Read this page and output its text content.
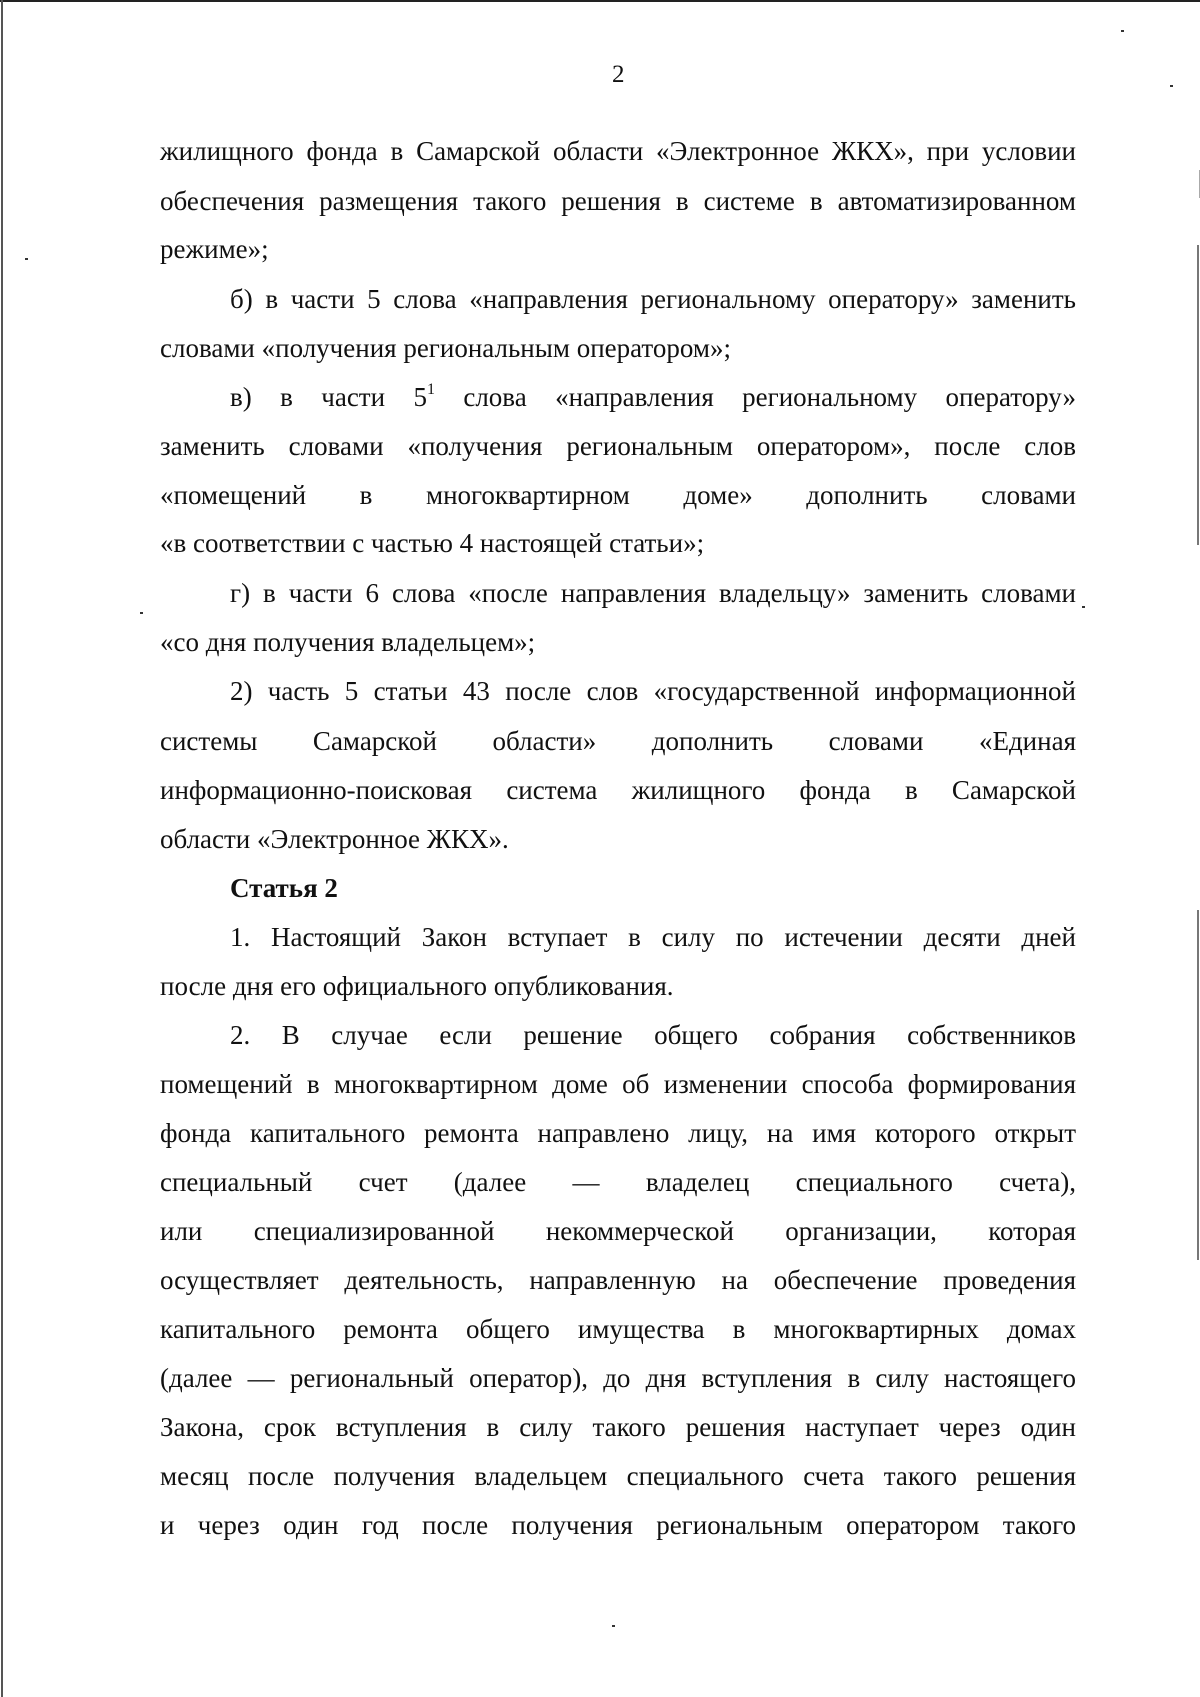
2
жилищного фонда в Самарской области «Электронное ЖКХ», при условии
обеспечения размещения такого решения в системе в автоматизированном
режиме»;
б) в части 5 слова «направления региональному оператору» заменить
словами «получения региональным оператором»;
в) в части $5^1$ слова «направления региональному оператору»
заменить словами «получения региональным оператором», после слов
«помещений в многоквартирном доме» дополнить словами
«в соответствии с частью 4 настоящей статьи»;
г) в части 6 слова «после направления владельцу» заменить словами
«со дня получения владельцем»;
2) часть 5 статьи 43 после слов «государственной информационной
системы Самарской области» дополнить словами «Единая
информационно-поисковая система жилищного фонда в Самарской
области «Электронное ЖКХ».
Статья 2
1. Настоящий Закон вступает в силу по истечении десяти дней
после дня его официального опубликования.
2. В случае если решение общего собрания собственников
помещений в многоквартирном доме об изменении способа формирования
фонда капитального ремонта направлено лицу, на имя которого открыт
специальный счет (далее — владелец специального счета),
или специализированной некоммерческой организации, которая
осуществляет деятельность, направленную на обеспечение проведения
капитального ремонта общего имущества в многоквартирных домах
(далее — региональный оператор), до дня вступления в силу настоящего
Закона, срок вступления в силу такого решения наступает через один
месяц после получения владельцем специального счета такого решения
и через один год после получения региональным оператором такого
